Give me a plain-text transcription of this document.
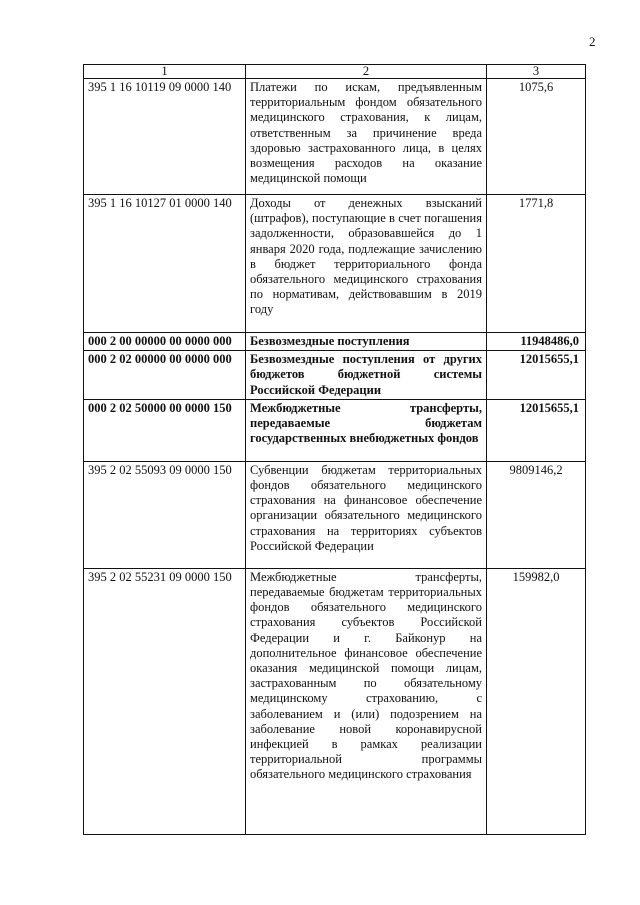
2
1	2	3
395 1 16 10119 09 0000 140	Платежи по искам, предъявленным территориальным фондом обязательного медицинского страхования, к лицам, ответственным за причинение вреда здоровью застрахованного лица, в целях возмещения расходов на оказание медицинской помощи	1075,6
395 1 16 10127 01 0000 140	Доходы от денежных взысканий (штрафов), поступающие в счет погашения задолженности, образовавшейся до 1 января 2020 года, подлежащие зачислению в бюджет территориального фонда обязательного медицинского страхования по нормативам, действовавшим в 2019 году	1771,8
000 2 00 00000 00 0000 000	Безвозмездные поступления	11948486,0
000 2 02 00000 00 0000 000	Безвозмездные поступления от других бюджетов бюджетной системы Российской Федерации	12015655,1
000 2 02 50000 00 0000 150	Межбюджетные трансферты, передаваемые бюджетам государственных внебюджетных фондов	12015655,1
395 2 02 55093 09 0000 150	Субвенции бюджетам территориальных фондов обязательного медицинского страхования на финансовое обеспечение организации обязательного медицинского страхования на территориях субъектов Российской Федерации	9809146,2
395 2 02 55231 09 0000 150	Межбюджетные трансферты, передаваемые бюджетам территориальных фондов обязательного медицинского страхования субъектов Российской Федерации и г. Байконур на дополнительное финансовое обеспечение оказания медицинской помощи лицам, застрахованным по обязательному медицинскому страхованию, с заболеванием и (или) подозрением на заболевание новой коронавирусной инфекцией в рамках реализации территориальной программы обязательного медицинского страхования	159982,0
